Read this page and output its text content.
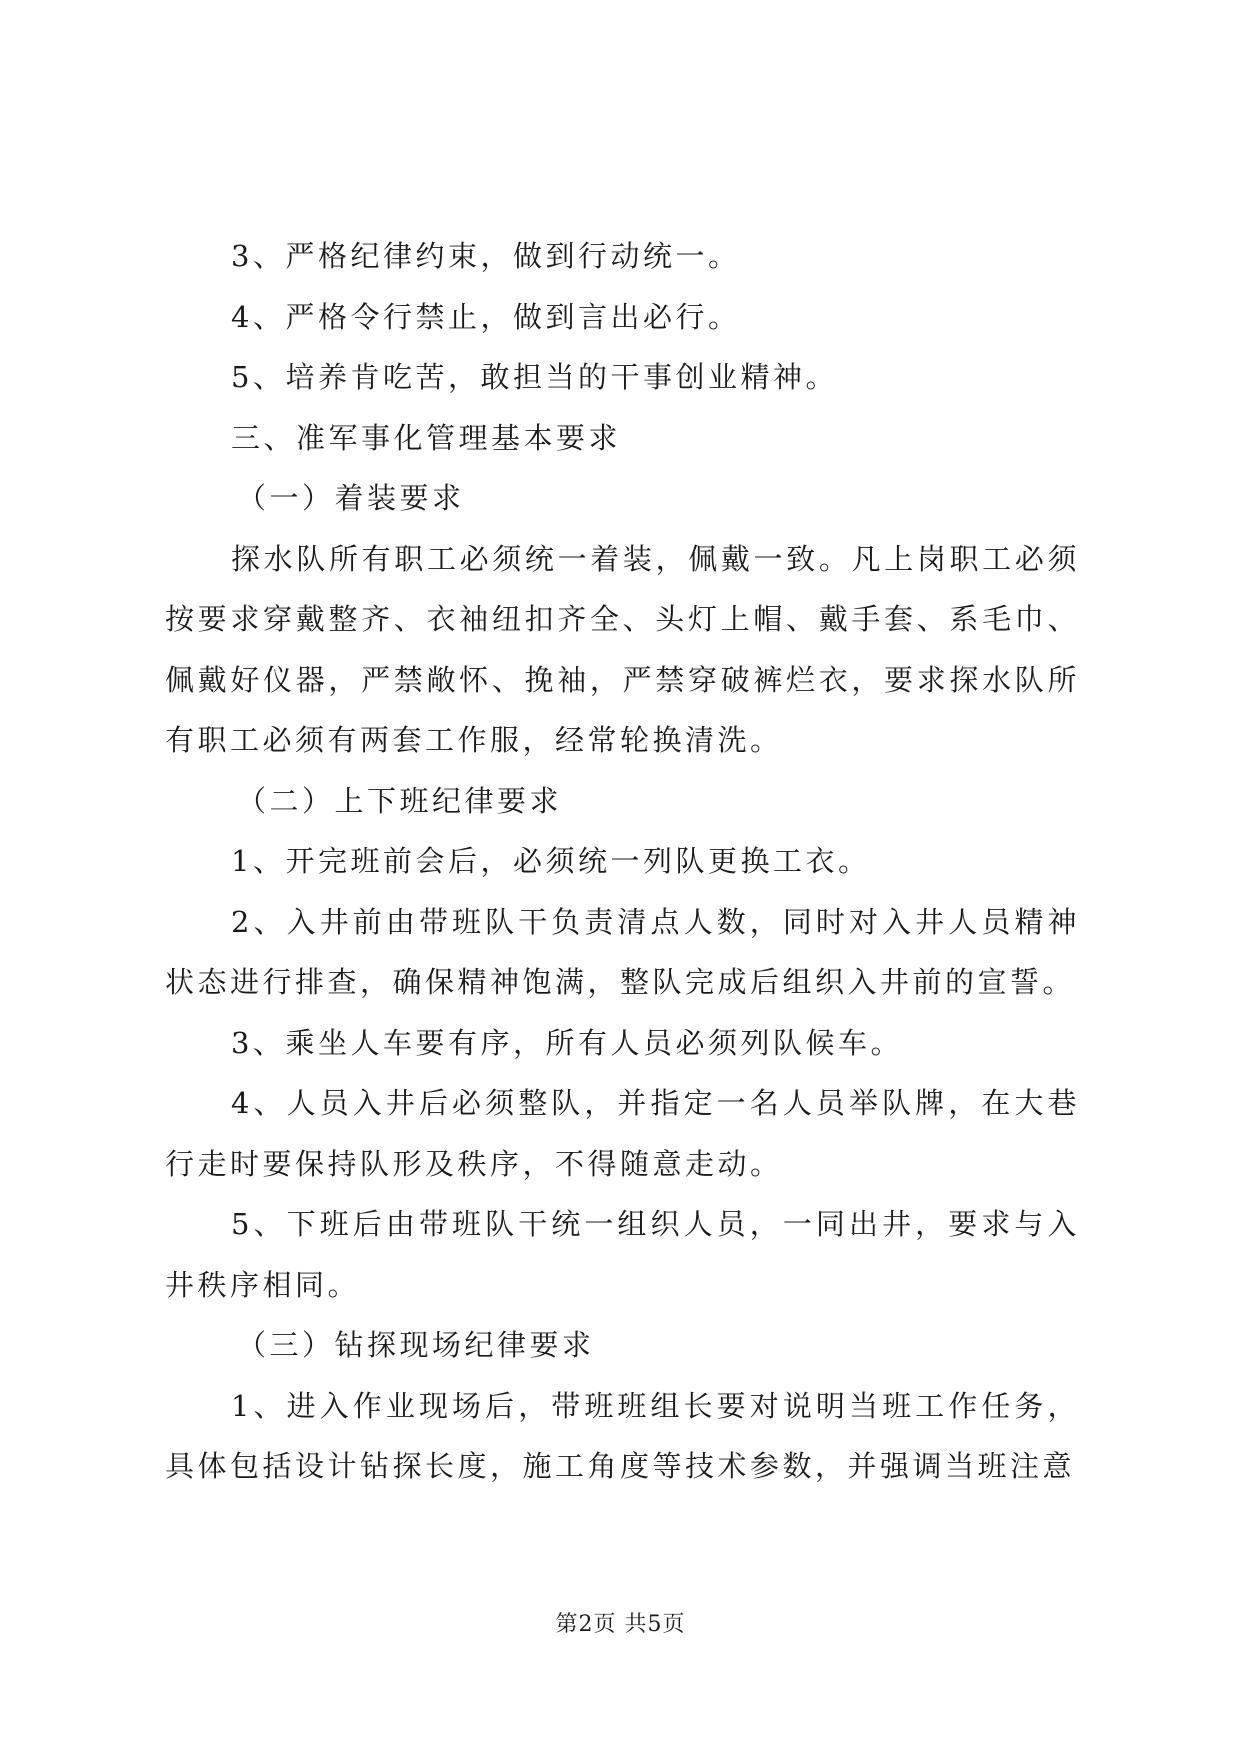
3、严格纪律约束，做到行动统一。

4、严格令行禁止，做到言出必行。

5、培养肯吃苦，敢担当的干事创业精神。

三、准军事化管理基本要求

（一）着装要求

探水队所有职工必须统一着装，佩戴一致。凡上岗职工必须按要求穿戴整齐、衣袖纽扣齐全、头灯上帽、戴手套、系毛巾、佩戴好仪器，严禁敞怀、挽袖，严禁穿破裤烂衣，要求探水队所有职工必须有两套工作服，经常轮换清洗。

（二）上下班纪律要求

1、开完班前会后，必须统一列队更换工衣。

2、入井前由带班队干负责清点人数，同时对入井人员精神状态进行排查，确保精神饱满，整队完成后组织入井前的宣誓。

3、乘坐人车要有序，所有人员必须列队候车。

4、人员入井后必须整队，并指定一名人员举队牌，在大巷行走时要保持队形及秩序，不得随意走动。

5、下班后由带班队干统一组织人员，一同出井，要求与入井秩序相同。

（三）钻探现场纪律要求

1、进入作业现场后，带班班组长要对说明当班工作任务，具体包括设计钻探长度，施工角度等技术参数，并强调当班注意

第2页 共5页
